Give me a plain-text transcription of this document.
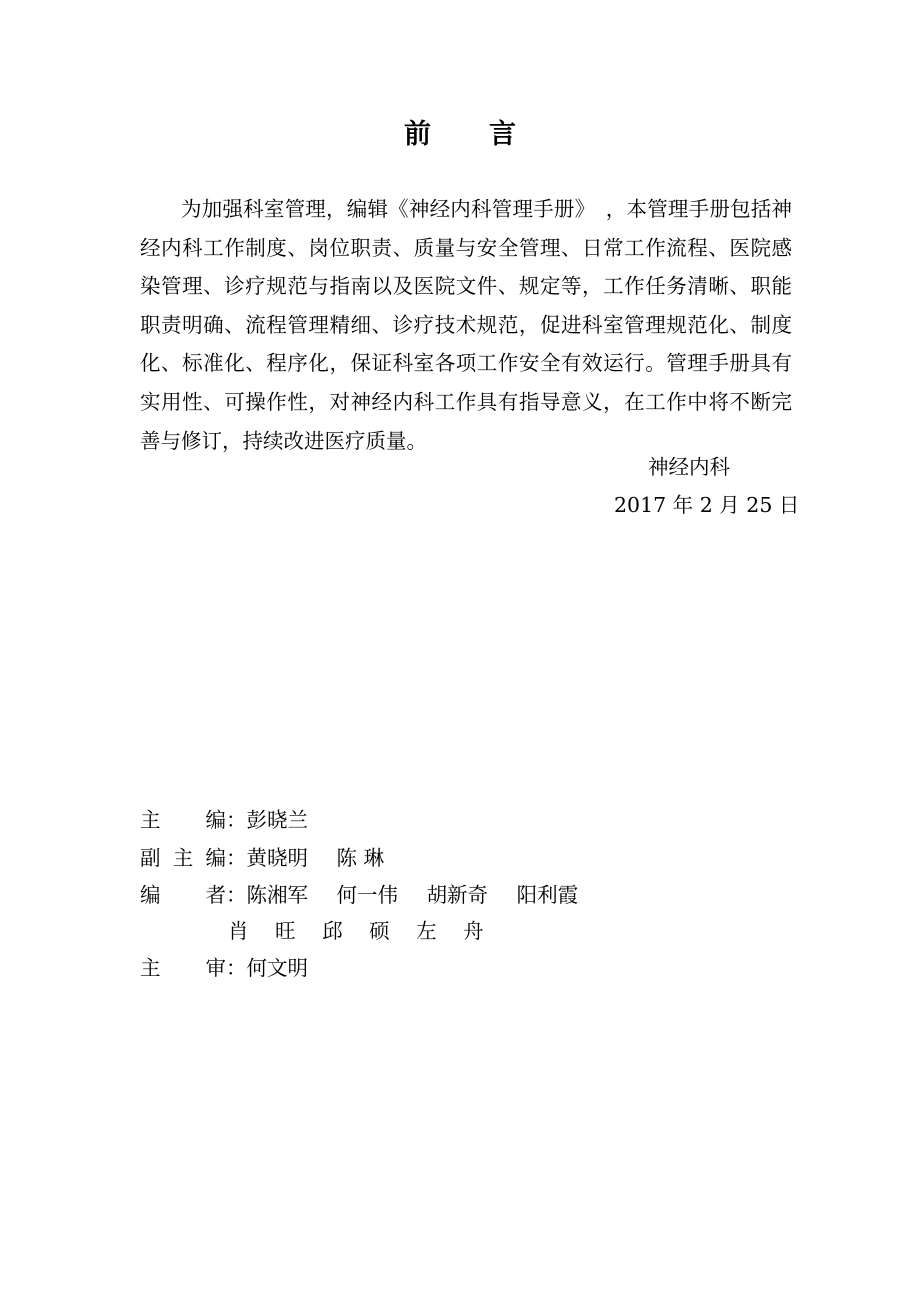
前 言

为加强科室管理，编辑《神经内科管理手册》　，本管理手册包括神经内科工作制度、岗位职责、质量与安全管理、日常工作流程、医院感染管理、诊疗规范与指南以及医院文件、规定等，工作任务清晰、职能职责明确、流程管理精细、诊疗技术规范，促进科室管理规范化、制度化、标准化、程序化，保证科室各项工作安全有效运行。管理手册具有实用性、可操作性，对神经内科工作具有指导意义，在工作中将不断完善与修订，持续改进医疗质量。

神经内科
2017 年 2 月 25 日
主编：彭晓兰
副主编：黄晓明 陈 琳
编者：陈湘军 何一伟 胡新奇 阳利霞
肖 旺 邱 硕 左 舟
主审：何文明
